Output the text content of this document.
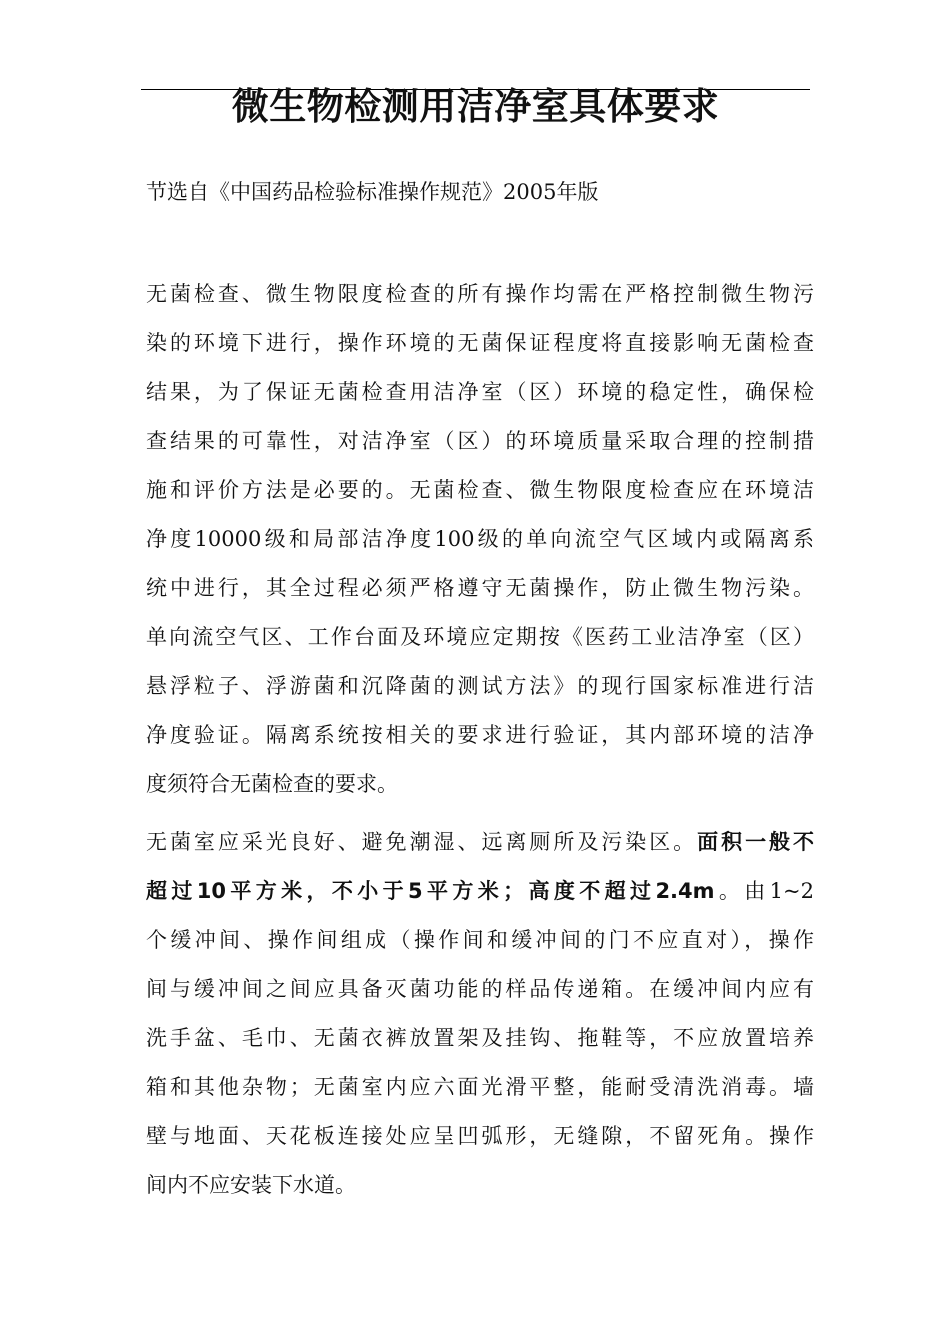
微生物检测用洁净室具体要求
节选自《中国药品检验标准操作规范》2005年版
无菌检查、微生物限度检查的所有操作均需在严格控制微生物污
染的环境下进行，操作环境的无菌保证程度将直接影响无菌检查
结果，为了保证无菌检查用洁净室（区）环境的稳定性，确保检
查结果的可靠性，对洁净室（区）的环境质量采取合理的控制措
施和评价方法是必要的。无菌检查、微生物限度检查应在环境洁
净度10000级和局部洁净度100级的单向流空气区域内或隔离系
统中进行，其全过程必须严格遵守无菌操作，防止微生物污染。
单向流空气区、工作台面及环境应定期按《医药工业洁净室（区）
悬浮粒子、浮游菌和沉降菌的测试方法》的现行国家标准进行洁
净度验证。隔离系统按相关的要求进行验证，其内部环境的洁净
度须符合无菌检查的要求。
无菌室应采光良好、避免潮湿、远离厕所及污染区。面积一般不
超过10平方米，不小于5平方米；高度不超过2.4m。由1~2
个缓冲间、操作间组成（操作间和缓冲间的门不应直对），操作
间与缓冲间之间应具备灭菌功能的样品传递箱。在缓冲间内应有
洗手盆、毛巾、无菌衣裤放置架及挂钩、拖鞋等，不应放置培养
箱和其他杂物；无菌室内应六面光滑平整，能耐受清洗消毒。墙
壁与地面、天花板连接处应呈凹弧形，无缝隙，不留死角。操作
间内不应安装下水道。
